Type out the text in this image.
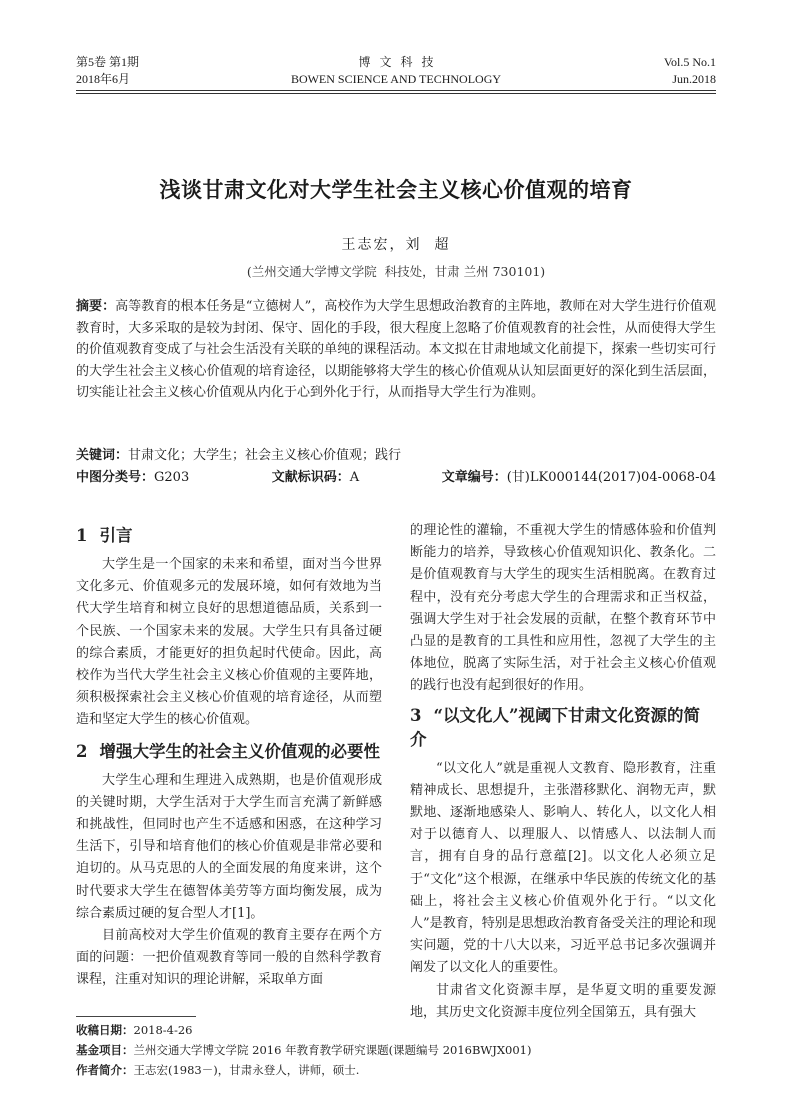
第5卷 第1期
2018年6月
博   文   科   技
BOWEN SCIENCE AND TECHNOLOGY
Vol.5 No.1
Jun.2018
浅谈甘肃文化对大学生社会主义核心价值观的培育
王志宏，刘  超
(兰州交通大学博文学院  科技处，甘肃 兰州 730101)
摘要：高等教育的根本任务是“立德树人”，高校作为大学生思想政治教育的主阵地，教师在对大学生进行价值观教育时，大多采取的是较为封闭、保守、固化的手段，很大程度上忽略了价值观教育的社会性，从而使得大学生的价值观教育变成了与社会生活没有关联的单纯的课程活动。本文拟在甘肃地域文化前提下，探索一些切实可行的大学生社会主义核心价值观的培育途径，以期能够将大学生的核心价值观从认知层面更好的深化到生活层面，切实能让社会主义核心价值观从内化于心到外化于行，从而指导大学生行为准则。
关键词：甘肃文化；大学生；社会主义核心价值观；践行
中图分类号：G203	文献标识码：A	文章编号：(甘)LK000144(2017)04-0068-04
1 引言

大学生是一个国家的未来和希望，面对当今世界文化多元、价值观多元的发展环境，如何有效地为当代大学生培育和树立良好的思想道德品质，关系到一个民族、一个国家未来的发展。大学生只有具备过硬的综合素质，才能更好的担负起时代使命。因此，高校作为当代大学生社会主义核心价值观的主要阵地，须积极探索社会主义核心价值观的培育途径，从而塑造和坚定大学生的核心价值观。

2 增强大学生的社会主义价值观的必要性

大学生心理和生理进入成熟期，也是价值观形成的关键时期，大学生活对于大学生而言充满了新鲜感和挑战性，但同时也产生不适感和困惑，在这种学习生活下，引导和培育他们的核心价值观是非常必要和迫切的。从马克思的人的全面发展的角度来讲，这个时代要求大学生在德智体美劳等方面均衡发展，成为综合素质过硬的复合型人才[1]。

目前高校对大学生价值观的教育主要存在两个方面的问题：一把价值观教育等同一般的自然科学教育课程，注重对知识的理论讲解，采取单方面

的理论性的灌输，不重视大学生的情感体验和价值判断能力的培养，导致核心价值观知识化、教条化。二是价值观教育与大学生的现实生活相脱离。在教育过程中，没有充分考虑大学生的合理需求和正当权益，强调大学生对于社会发展的贡献，在整个教育环节中凸显的是教育的工具性和应用性，忽视了大学生的主体地位，脱离了实际生活，对于社会主义核心价值观的践行也没有起到很好的作用。

3 “以文化人”视阈下甘肃文化资源的简介

“以文化人”就是重视人文教育、隐形教育，注重精神成长、思想提升，主张潜移默化、润物无声，默默地、逐渐地感染人、影响人、转化人，以文化人相对于以德育人、以理服人、以情感人、以法制人而言，拥有自身的品行意蕴[2]。以文化人必须立足于“文化”这个根源，在继承中华民族的传统文化的基础上，将社会主义核心价值观外化于行。“以文化人”是教育，特别是思想政治教育备受关注的理论和现实问题，党的十八大以来，习近平总书记多次强调并阐发了以文化人的重要性。

甘肃省文化资源丰厚，是华夏文明的重要发源地，其历史文化资源丰度位列全国第五，具有强大

收稿日期：2018-4-26
基金项目：兰州交通大学博文学院 2016 年教育教学研究课题(课题编号 2016BWJX001)
作者简介：王志宏(1983－)，甘肃永登人，讲师，硕士.
